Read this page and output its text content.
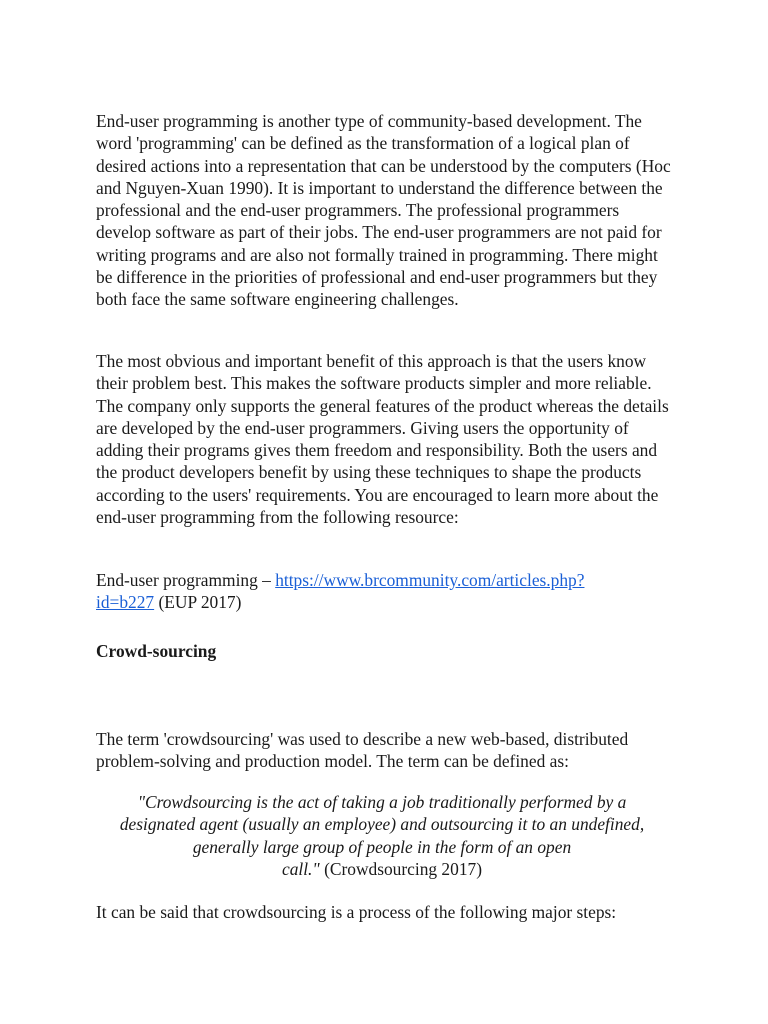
End-user programming is another type of community-based development. The word 'programming' can be defined as the transformation of a logical plan of desired actions into a representation that can be understood by the computers (Hoc and Nguyen-Xuan 1990). It is important to understand the difference between the professional and the end-user programmers. The professional programmers develop software as part of their jobs. The end-user programmers are not paid for writing programs and are also not formally trained in programming. There might be difference in the priorities of professional and end-user programmers but they both face the same software engineering challenges.

The most obvious and important benefit of this approach is that the users know their problem best. This makes the software products simpler and more reliable. The company only supports the general features of the product whereas the details are developed by the end-user programmers. Giving users the opportunity of adding their programs gives them freedom and responsibility. Both the users and the product developers benefit by using these techniques to shape the products according to the users' requirements. You are encouraged to learn more about the end-user programming from the following resource:

End-user programming – https://www.brcommunity.com/articles.php?
id=b227 (EUP 2017)

Crowd-sourcing

The term 'crowdsourcing' was used to describe a new web-based, distributed problem-solving and production model. The term can be defined as:

"Crowdsourcing is the act of taking a job traditionally performed by a
designated agent (usually an employee) and outsourcing it to an undefined,
generally large group of people in the form of an open
call." (Crowdsourcing 2017)

It can be said that crowdsourcing is a process of the following major steps:
